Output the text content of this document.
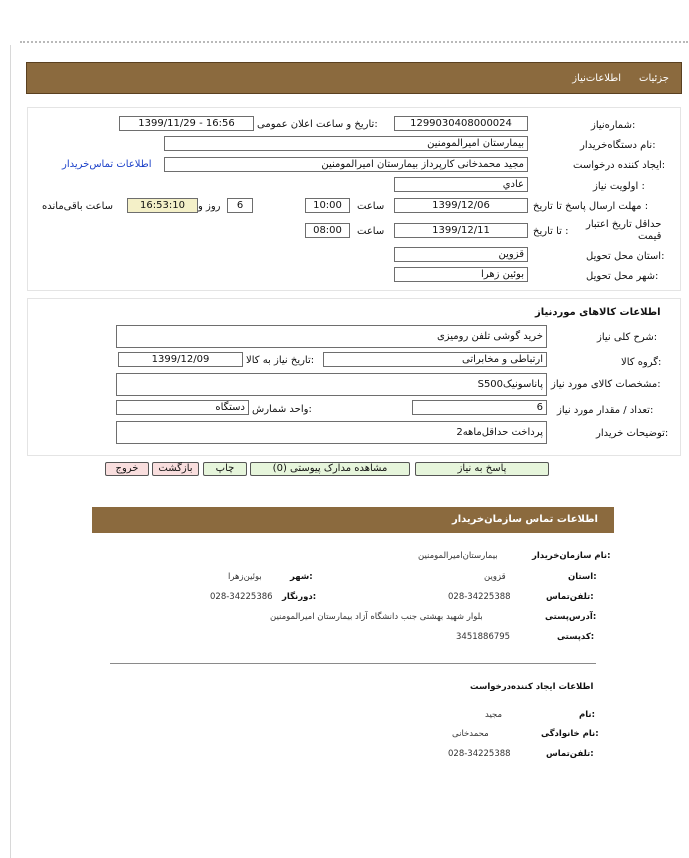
جزئیات
اطلاعات‌نیاز
شماره‌نیاز:
1299030408000024
تاریخ و ساعت اعلان عمومی:
1399/11/29 - 16:56
نام دستگاه‌خریدار:
بیمارستان امیرالمومنین
ایجاد کننده درخواست:
مجید محمدخانی کارپرداز بیمارستان امیرالمومنین
اطلاعات تماس‌خریدار
اولویت نیاز :
عادي
مهلت ارسال پاسخ تا تاریخ :
1399/12/06
ساعت
10:00
6
روز و
16:53:10
ساعت باقی‌مانده
حداقل تاریخ اعتبار
قیمت
تا تاریخ :
1399/12/11
ساعت
08:00
استان محل تحویل:
قزوین
شهر محل تحویل:
بوئین زهرا
اطلاعات کالاهای موردنیاز
شرح کلی نیاز:
خرید گوشی تلفن رومیزی
گروه کالا:
ارتباطی و مخابراتی
تاریخ نیاز به کالا:
1399/12/09
مشخصات کالای مورد نیاز:
پاناسونیکS500
تعداد / مقدار مورد نیاز:
6
واحد شمارش:
دستگاه
توضیحات خریدار:
پرداخت حداقل‌ماهه2
پاسخ به نیاز
مشاهده مدارک پیوستی (0)
چاپ
بازگشت
خروج
اطلاعات تماس سازمان‌خریدار
نام سازمان‌خریدار:
بیمارستان‌امیرالمومنین
استان:
قزوین
شهر:
بوئین‌زهرا
تلفن‌تماس:
028-34225388
دورنگار:
028-34225386
آدرس‌پستی:
بلوار شهید بهشتی جنب دانشگاه آزاد بیمارستان امیرالمومنین
کد‌پستی:
3451886795
اطلاعات ایجاد کننده‌درخواست
نام:
مجید
نام خانوادگی:
محمدخانی
تلفن‌تماس:
028-34225388
